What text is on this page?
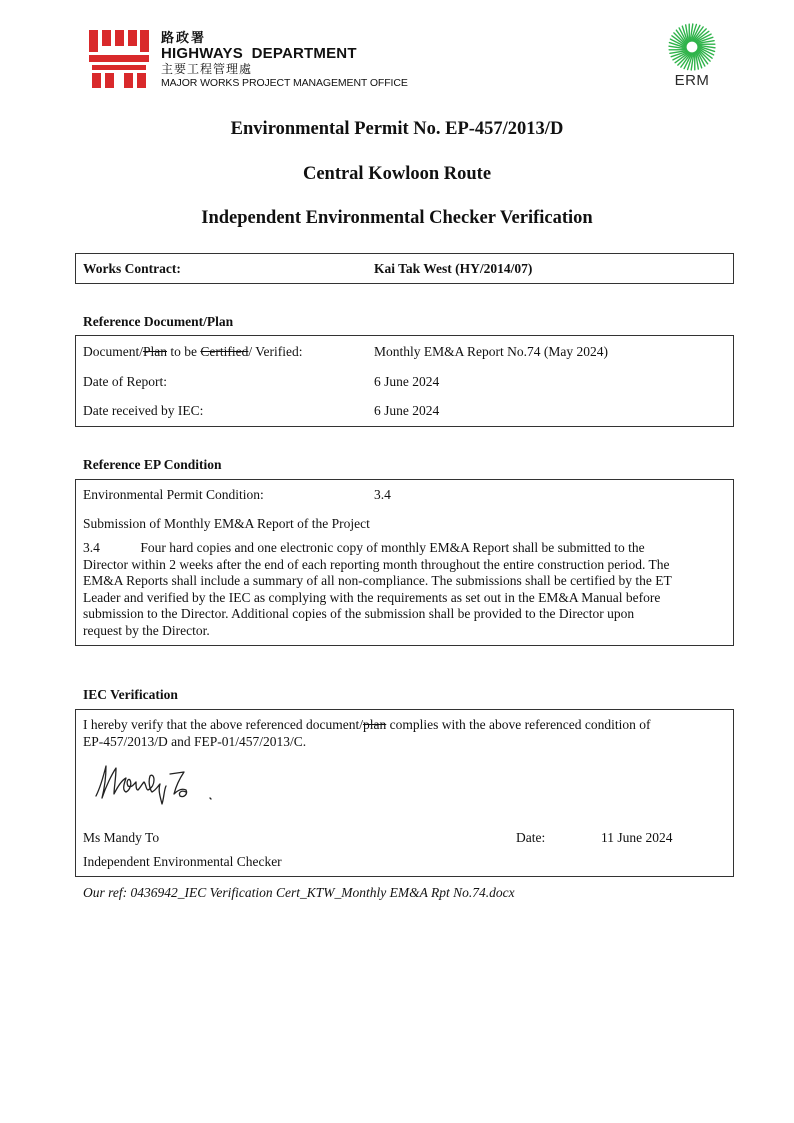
路政署
HIGHWAYS  DEPARTMENT
主要工程管理處
MAJOR WORKS PROJECT MANAGEMENT OFFICE	ERM
Environmental Permit No. EP-457/2013/D
Central Kowloon Route
Independent Environmental Checker Verification
Works Contract:	Kai Tak West (HY/2014/07)
Reference Document/Plan
Document/Plan to be Certified/ Verified:	Monthly EM&A Report No.74 (May 2024)
Date of Report:	6 June 2024
Date received by IEC:	6 June 2024
Reference EP Condition
Environmental Permit Condition:	3.4
Submission of Monthly EM&A Report of the Project
3.4            Four hard copies and one electronic copy of monthly EM&A Report shall be submitted to the
Director within 2 weeks after the end of each reporting month throughout the entire construction period. The
EM&A Reports shall include a summary of all non-compliance. The submissions shall be certified by the ET
Leader and verified by the IEC as complying with the requirements as set out in the EM&A Manual before
submission to the Director. Additional copies of the submission shall be provided to the Director upon
request by the Director.
IEC Verification
I hereby verify that the above referenced document/plan complies with the above referenced condition of
EP-457/2013/D and FEP-01/457/2013/C.
Ms Mandy To	Date:	11 June 2024
Independent Environmental Checker
Our ref: 0436942_IEC Verification Cert_KTW_Monthly EM&A Rpt No.74.docx
